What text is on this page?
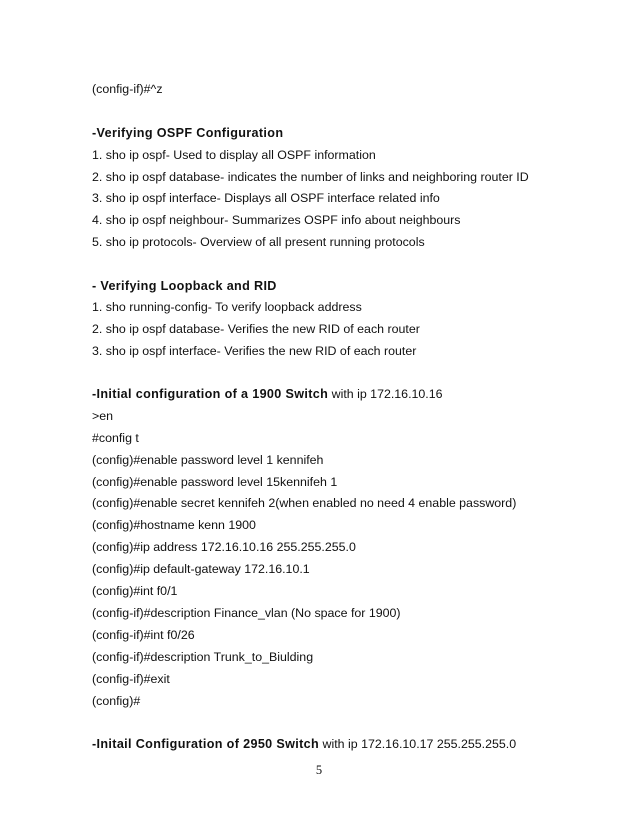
(config-if)#^z
-Verifying OSPF Configuration
1. sho ip ospf- Used to display all OSPF information
2. sho ip ospf database- indicates the number of links and neighboring router ID
3. sho ip ospf interface- Displays all OSPF interface related info
4. sho ip ospf neighbour- Summarizes OSPF info about neighbours
5. sho ip protocols- Overview of all present running protocols
- Verifying Loopback and RID
1. sho running-config- To verify loopback address
2. sho ip ospf database- Verifies the new RID of each router
3. sho ip ospf interface- Verifies the new RID of each router
-Initial configuration of a 1900 Switch with ip 172.16.10.16
>en
#config t
(config)#enable password level 1 kennifeh
(config)#enable password level 15kennifeh 1
(config)#enable secret kennifeh 2(when enabled no need 4 enable password)
(config)#hostname kenn 1900
(config)#ip address 172.16.10.16 255.255.255.0
(config)#ip default-gateway 172.16.10.1
(config)#int f0/1
(config-if)#description Finance_vlan (No space for 1900)
(config-if)#int f0/26
(config-if)#description Trunk_to_Biulding
(config-if)#exit
(config)#
-Initail Configuration of 2950 Switch with ip 172.16.10.17 255.255.255.0
5
